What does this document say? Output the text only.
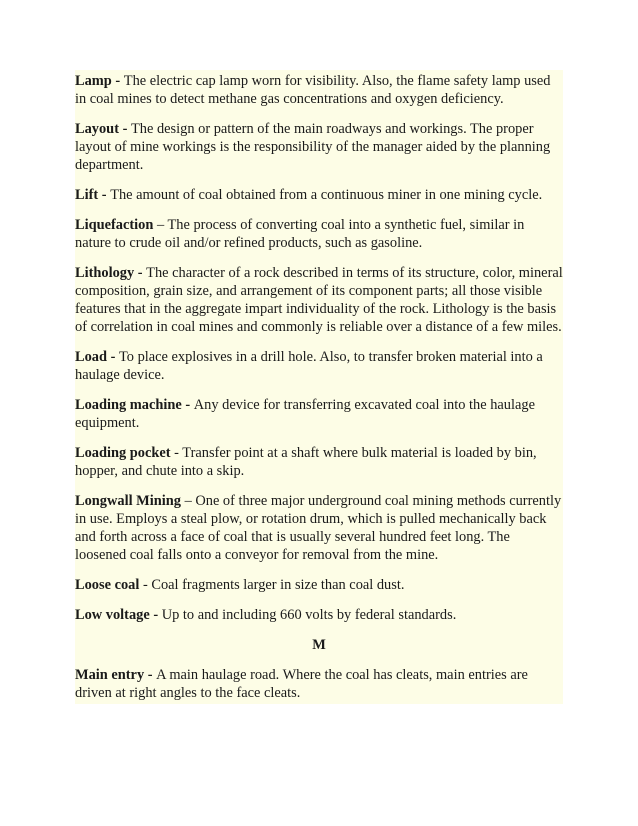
Lamp - The electric cap lamp worn for visibility. Also, the flame safety lamp used in coal mines to detect methane gas concentrations and oxygen deficiency.

Layout - The design or pattern of the main roadways and workings. The proper layout of mine workings is the responsibility of the manager aided by the planning department.

Lift - The amount of coal obtained from a continuous miner in one mining cycle.

Liquefaction – The process of converting coal into a synthetic fuel, similar in nature to crude oil and/or refined products, such as gasoline.

Lithology - The character of a rock described in terms of its structure, color, mineral composition, grain size, and arrangement of its component parts; all those visible features that in the aggregate impart individuality of the rock. Lithology is the basis of correlation in coal mines and commonly is reliable over a distance of a few miles.

Load - To place explosives in a drill hole. Also, to transfer broken material into a haulage device.

Loading machine - Any device for transferring excavated coal into the haulage equipment.

Loading pocket - Transfer point at a shaft where bulk material is loaded by bin, hopper, and chute into a skip.

Longwall Mining – One of three major underground coal mining methods currently in use. Employs a steal plow, or rotation drum, which is pulled mechanically back and forth across a face of coal that is usually several hundred feet long. The loosened coal falls onto a conveyor for removal from the mine.

Loose coal - Coal fragments larger in size than coal dust.

Low voltage - Up to and including 660 volts by federal standards.

M

Main entry - A main haulage road. Where the coal has cleats, main entries are driven at right angles to the face cleats.
